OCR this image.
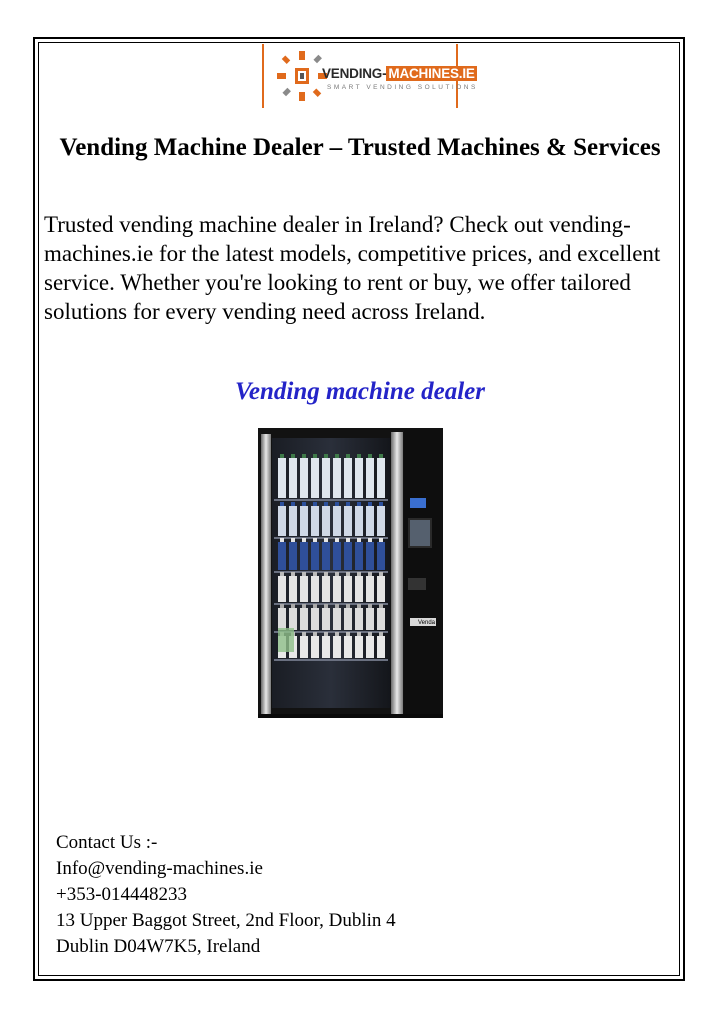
VENDING- MACHINES.IE
SMART VENDING SOLUTIONS
Vending Machine Dealer – Trusted Machines & Services
Trusted vending machine dealer in Ireland? Check out vending-machines.ie for the latest models, competitive prices, and excellent service. Whether you're looking to rent or buy, we offer tailored solutions for every vending need across Ireland.
Vending machine dealer
Venda
Contact Us :-
Info@vending-machines.ie
+353-014448233
13 Upper Baggot Street, 2nd Floor, Dublin 4
Dublin D04W7K5, Ireland
